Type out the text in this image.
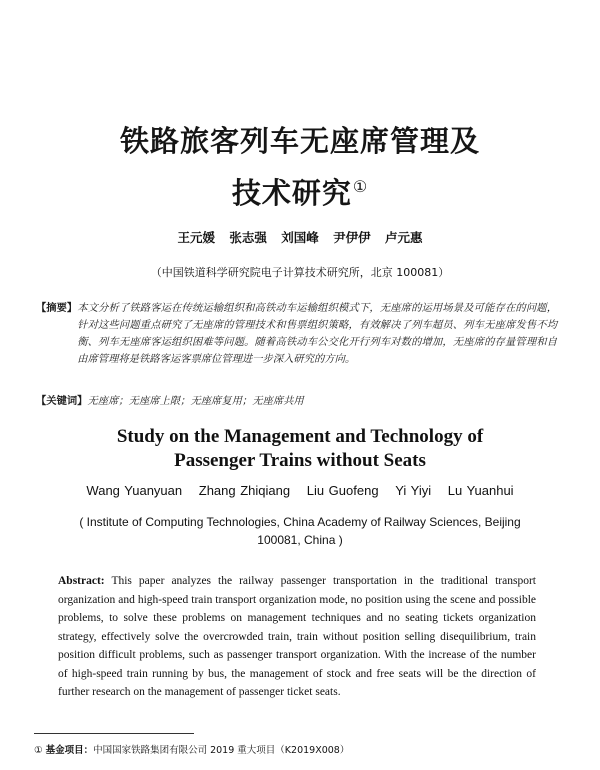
铁路旅客列车无座席管理及
技术研究①
王元媛 张志强 刘国峰 尹伊伊 卢元惠
（中国铁道科学研究院电子计算技术研究所，北京 100081）
【摘要】 本文分析了铁路客运在传统运输组织和高铁动车运输组织模式下，无座席的运用场景及可能存在的问题，针对这些问题重点研究了无座席的管理技术和售票组织策略，有效解决了列车超员、列车无座席发售不均衡、列车无座席客运组织困难等问题。随着高铁动车公交化开行列车对数的增加，无座席的存量管理和自由席管理将是铁路客运客票席位管理进一步深入研究的方向。
【关键词】无座席；无座席上限；无座席复用；无座席共用
Study on the Management and Technology of
Passenger Trains without Seats
Wang Yuanyuan Zhang Zhiqiang Liu Guofeng Yi Yiyi Lu Yuanhui
( Institute of Computing Technologies, China Academy of Railway Sciences, Beijing 100081, China )
Abstract: This paper analyzes the railway passenger transportation in the traditional transport organization and high-speed train transport organization mode, no position using the scene and possible problems, to solve these problems on management techniques and no seating tickets organization strategy, effectively solve the overcrowded train, train without position selling disequilibrium, train position difficult problems, such as passenger transport organization. With the increase of the number of high-speed train running by bus, the management of stock and free seats will be the direction of further research on the management of passenger ticket seats.
① 基金项目：中国国家铁路集团有限公司 2019 重大项目（K2019X008）
